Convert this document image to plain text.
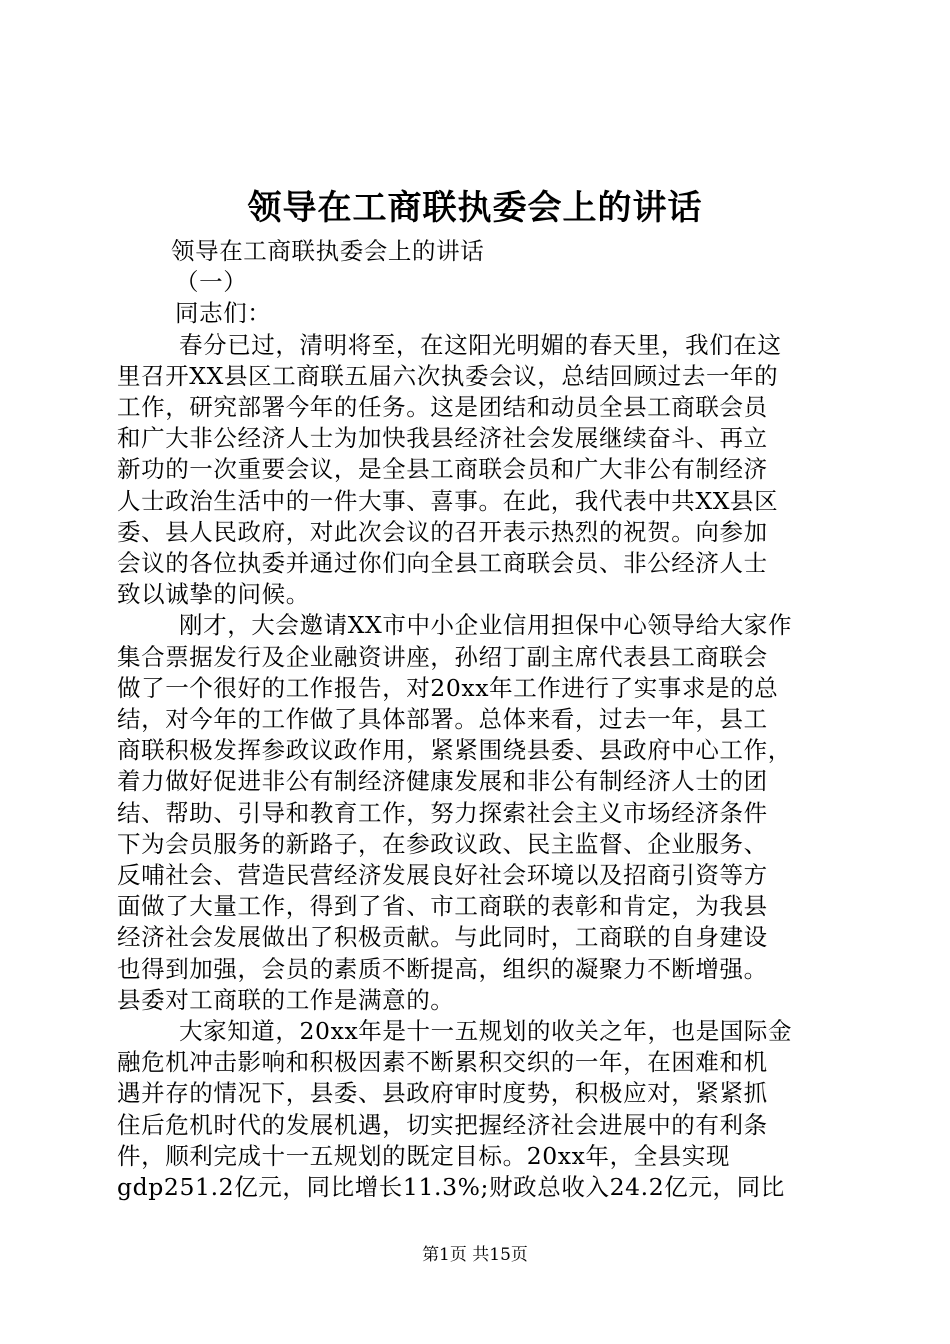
领导在工商联执委会上的讲话
领导在工商联执委会上的讲话
（一）
同志们：
春分已过，清明将至，在这阳光明媚的春天里，我们在这
里召开XX县区工商联五届六次执委会议，总结回顾过去一年的
工作，研究部署今年的任务。这是团结和动员全县工商联会员
和广大非公经济人士为加快我县经济社会发展继续奋斗、再立
新功的一次重要会议，是全县工商联会员和广大非公有制经济
人士政治生活中的一件大事、喜事。在此，我代表中共XX县区
委、县人民政府，对此次会议的召开表示热烈的祝贺。向参加
会议的各位执委并通过你们向全县工商联会员、非公经济人士
致以诚挚的问候。
刚才，大会邀请XX市中小企业信用担保中心领导给大家作
集合票据发行及企业融资讲座，孙绍丁副主席代表县工商联会
做了一个很好的工作报告，对20xx年工作进行了实事求是的总
结，对今年的工作做了具体部署。总体来看，过去一年，县工
商联积极发挥参政议政作用，紧紧围绕县委、县政府中心工作，
着力做好促进非公有制经济健康发展和非公有制经济人士的团
结、帮助、引导和教育工作，努力探索社会主义市场经济条件
下为会员服务的新路子，在参政议政、民主监督、企业服务、
反哺社会、营造民营经济发展良好社会环境以及招商引资等方
面做了大量工作，得到了省、市工商联的表彰和肯定，为我县
经济社会发展做出了积极贡献。与此同时，工商联的自身建设
也得到加强，会员的素质不断提高，组织的凝聚力不断增强。
县委对工商联的工作是满意的。
大家知道，20xx年是十一五规划的收关之年，也是国际金
融危机冲击影响和积极因素不断累积交织的一年，在困难和机
遇并存的情况下，县委、县政府审时度势，积极应对，紧紧抓
住后危机时代的发展机遇，切实把握经济社会进展中的有利条
件，顺利完成十一五规划的既定目标。20xx年，全县实现
gdp251.2亿元，同比增长11.3%;财政总收入24.2亿元，同比
第1页 共15页
